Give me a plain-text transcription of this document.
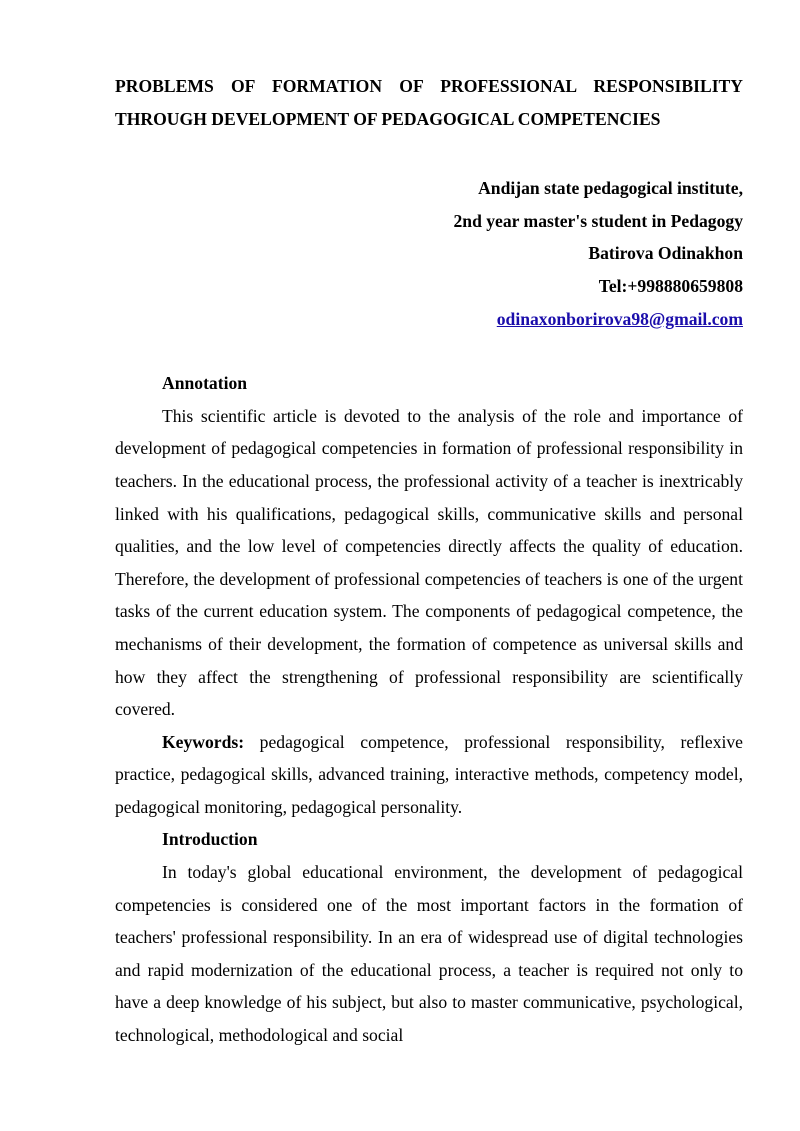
PROBLEMS OF FORMATION OF PROFESSIONAL RESPONSIBILITY
THROUGH DEVELOPMENT OF PEDAGOGICAL COMPETENCIES
Andijan state pedagogical institute,
2nd year master's student in Pedagogy
Batirova Odinakhon
Tel:+998880659808
odinaxonborirova98@gmail.com

Annotation

This scientific article is devoted to the analysis of the role and importance of development of pedagogical competencies in formation of professional responsibility in teachers. In the educational process, the professional activity of a teacher is inextricably linked with his qualifications, pedagogical skills, communicative skills and personal qualities, and the low level of competencies directly affects the quality of education. Therefore, the development of professional competencies of teachers is one of the urgent tasks of the current education system. The components of pedagogical competence, the mechanisms of their development, the formation of competence as universal skills and how they affect the strengthening of professional responsibility are scientifically covered.

Keywords: pedagogical competence, professional responsibility, reflexive practice, pedagogical skills, advanced training, interactive methods, competency model, pedagogical monitoring, pedagogical personality.

Introduction

In today's global educational environment, the development of pedagogical competencies is considered one of the most important factors in the formation of teachers' professional responsibility. In an era of widespread use of digital technologies and rapid modernization of the educational process, a teacher is required not only to have a deep knowledge of his subject, but also to master communicative, psychological, technological, methodological and social
